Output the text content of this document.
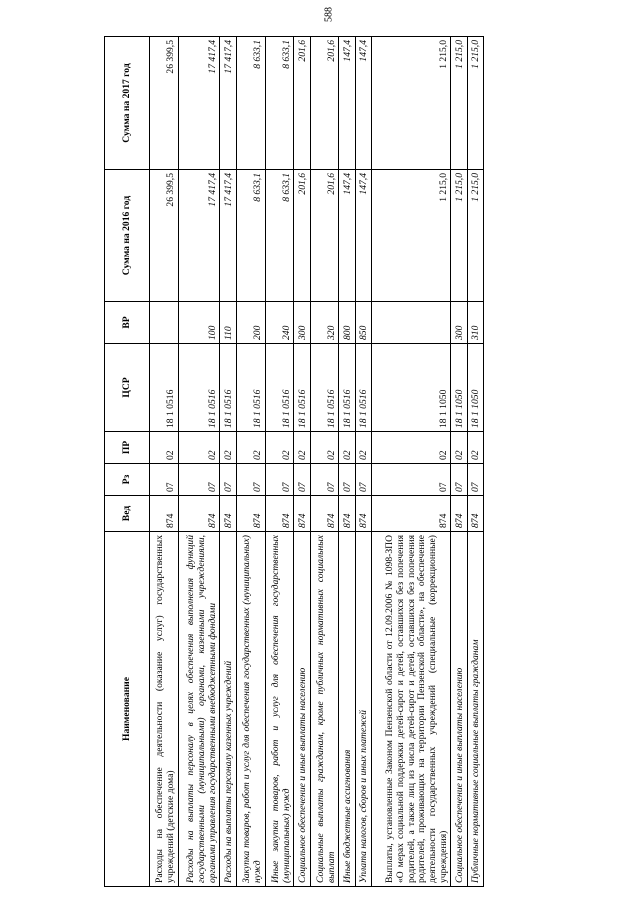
588
Наименование	Вед	Рз	ПР	ЦСР	ВР	Сумма на 2016 год	Сумма на 2017 год
Расходы на обеспечение деятельности (оказание услуг) государственных учреждений (детские дома)	874	07	02	18 1 0516		26 399,5	26 399,5
Расходы на выплаты персоналу в целях обеспечения выполнения функций государственными (муниципальными) органами, казенными учреждениями, органами управления государственными внебюджетными фондами	874	07	02	18 1 0516	100	17 417,4	17 417,4
Расходы на выплаты персоналу казенных учреждений	874	07	02	18 1 0516	110	17 417,4	17 417,4
Закупка товаров, работ и услуг для обеспечения государственных (муниципальных) нужд	874	07	02	18 1 0516	200	8 633,1	8 633,1
Иные закупки товаров, работ и услуг для обеспечения государственных (муниципальных) нужд	874	07	02	18 1 0516	240	8 633,1	8 633,1
Социальное обеспечение и иные выплаты населению	874	07	02	18 1 0516	300	201,6	201,6
Социальные выплаты гражданам, кроме публичных нормативных социальных выплат	874	07	02	18 1 0516	320	201,6	201,6
Иные бюджетные ассигнования	874	07	02	18 1 0516	800	147,4	147,4
Уплата налогов, сборов и иных платежей	874	07	02	18 1 0516	850	147,4	147,4
Выплаты, установленные Законом Пензенской области от 12.09.2006 № 1098-ЗПО «О мерах социальной поддержки детей-сирот и детей, оставшихся без попечения родителей, а также лиц из числа детей-сирот и детей, оставшихся без попечения родителей, проживающих на территории Пензенской области», на обеспечение деятельности государственных учреждений (специальные (коррекционные) учреждения)	874	07	02	18 1 1050		1 215,0	1 215,0
Социальное обеспечение и иные выплаты населению	874	07	02	18 1 1050	300	1 215,0	1 215,0
Публичные нормативные социальные выплаты гражданам	874	07	02	18 1 1050	310	1 215,0	1 215,0
